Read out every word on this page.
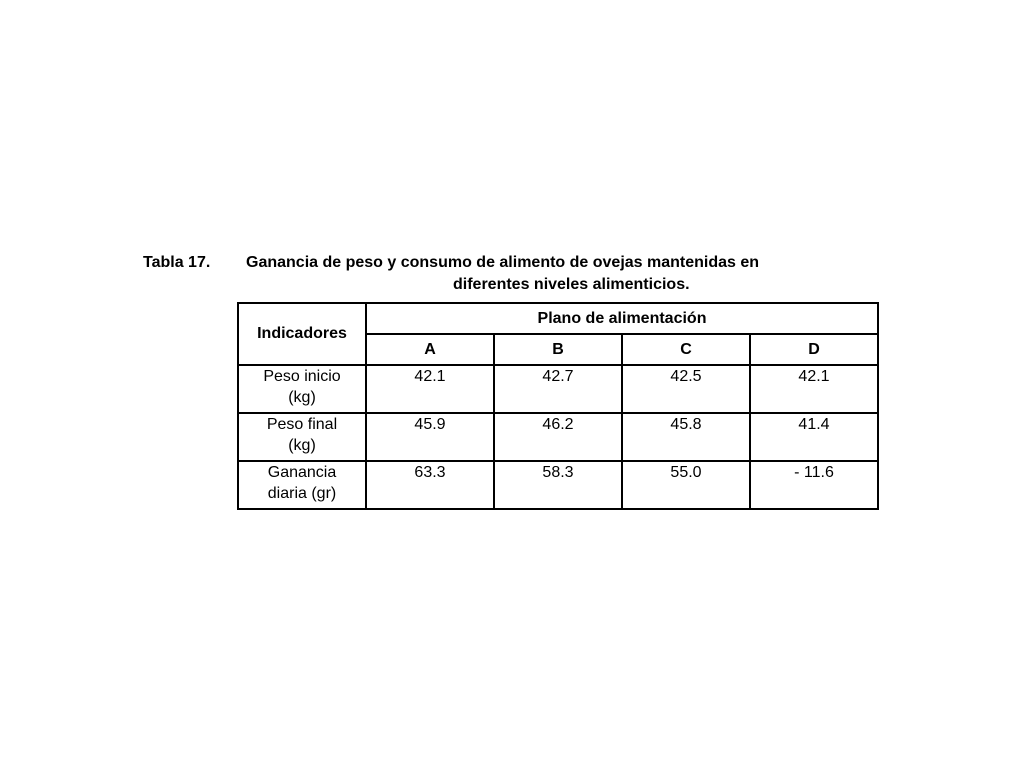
Tabla 17. Ganancia de peso y consumo de alimento de ovejas mantenidas en
diferentes niveles alimenticios.
Indicadores	Plano de alimentación			
	A	B	C	D
Peso inicio
(kg)	42.1	42.7	42.5	42.1
Peso final
(kg)	45.9	46.2	45.8	41.4
Ganancia
diaria (gr)	63.3	58.3	55.0	- 11.6
